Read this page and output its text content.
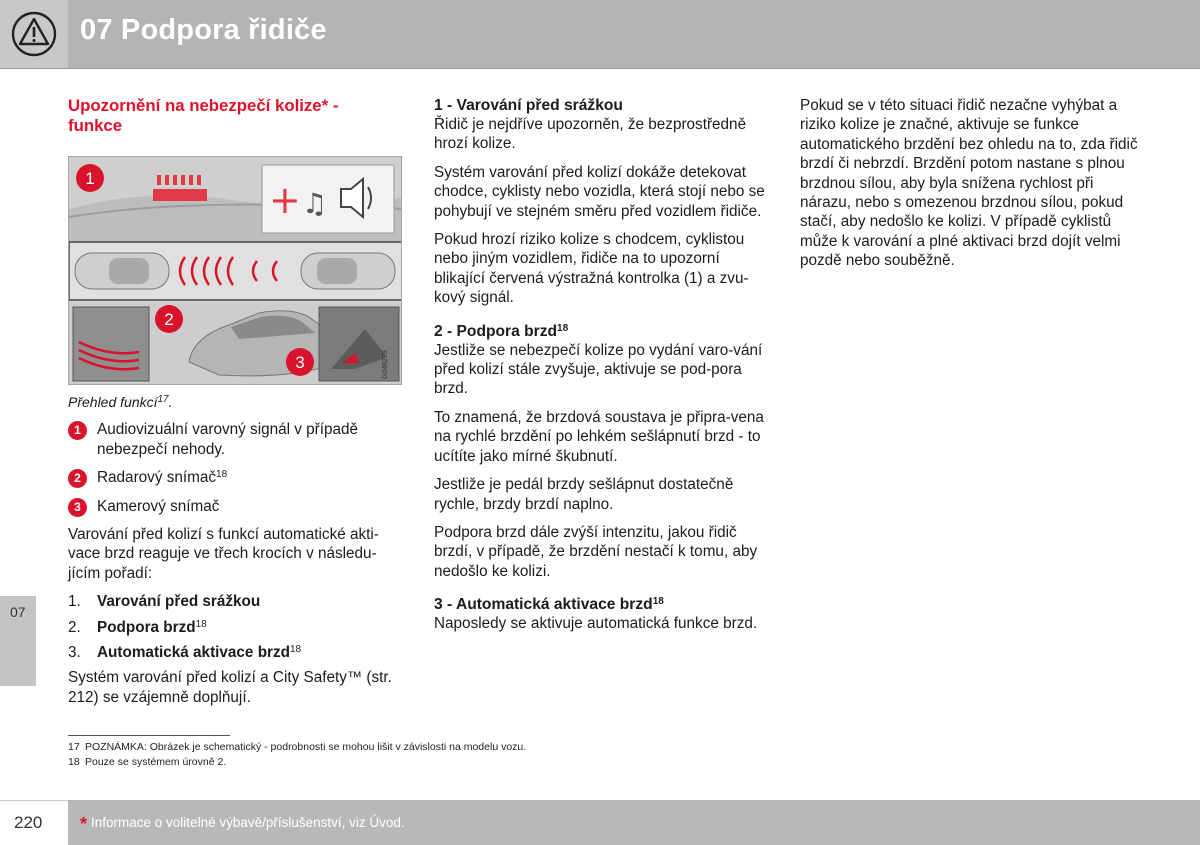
07 Podpora řidiče
07
Upozornění na nebezpečí kolize* - funkce
+ ♫
1
2
3	G048279
Přehled funkcí$^{17}$.
1	Audiovizuální varovný signál v případě nebezpečí nehody.
2	Radarový snímač$^{18}$
3	Kamerový snímač

Varování před kolizí s funkcí automatické akti-vace brzd reaguje ve třech krocích v následu-jícím pořadí:

1. Varování před srážkou
2. Podpora brzd$^{18}$
3. Automatická aktivace brzd$^{18}$

Systém varování před kolizí a City Safety™ (str. 212) se vzájemně doplňují.

1 - Varování před srážkou

Řidič je nejdříve upozorněn, že bezprostředně hrozí kolize.

Systém varování před kolizí dokáže detekovat chodce, cyklisty nebo vozidla, která stojí nebo se pohybují ve stejném směru před vozidlem řidiče.

Pokud hrozí riziko kolize s chodcem, cyklistou nebo jiným vozidlem, řidiče na to upozorní blikající červená výstražná kontrolka (1) a zvu-kový signál.

2 - Podpora brzd$^{18}$

Jestliže se nebezpečí kolize po vydání varo-vání před kolizí stále zvyšuje, aktivuje se pod-pora brzd.

To znamená, že brzdová soustava je připra-vena na rychlé brzdění po lehkém sešlápnutí brzd - to ucítíte jako mírné škubnutí.

Jestliže je pedál brzdy sešlápnut dostatečně rychle, brzdy brzdí naplno.

Podpora brzd dále zvýší intenzitu, jakou řidič brzdí, v případě, že brzdění nestačí k tomu, aby nedošlo ke kolizi.

3 - Automatická aktivace brzd$^{18}$

Naposledy se aktivuje automatická funkce brzd.

Pokud se v této situaci řidič nezačne vyhýbat a riziko kolize je značné, aktivuje se funkce automatického brzdění bez ohledu na to, zda řidič brzdí či nebrzdí. Brzdění potom nastane s plnou brzdnou sílou, aby byla snížena rychlost při nárazu, nebo s omezenou brzdnou sílou, pokud stačí, aby nedošlo ke kolizi. V případě cyklistů může k varování a plné aktivaci brzd dojít velmi pozdě nebo souběžně.

17 POZNÁMKA: Obrázek je schematický - podrobnosti se mohou lišit v závislosti na modelu vozu.
18 Pouze se systémem úrovně 2.
220 * Informace o volitelné výbavě/příslušenství, viz Úvod.
